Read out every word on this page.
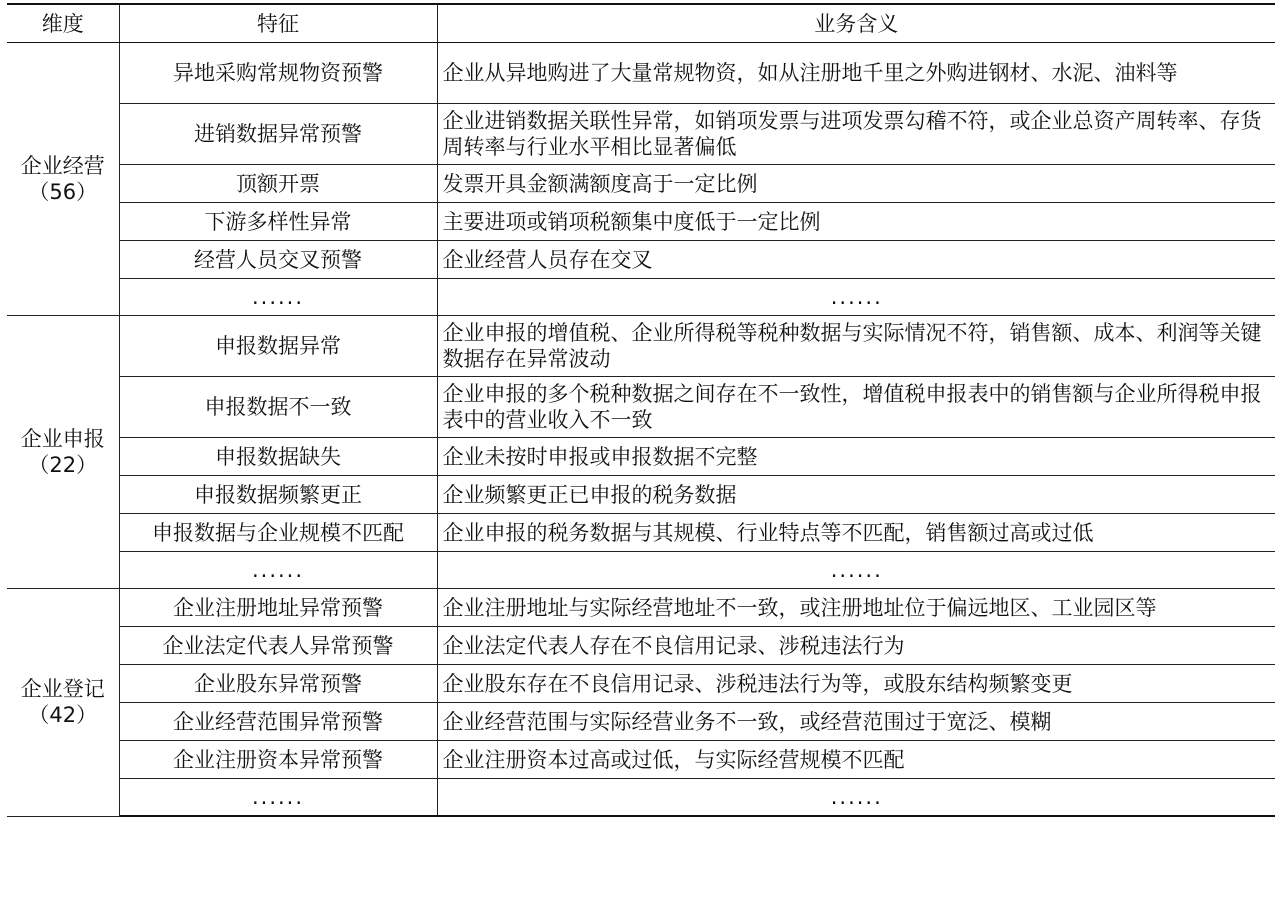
维度	特征	业务含义

企业经营
（56）	异地采购常规物资预警	企业从异地购进了大量常规物资，如从注册地千里之外购进钢材、水泥、油料等
	进销数据异常预警	企业进销数据关联性异常，如销项发票与进项发票勾稽不符，或企业总资产周转率、存货周转率与行业水平相比显著偏低
	顶额开票	发票开具金额满额度高于一定比例
	下游多样性异常	主要进项或销项税额集中度低于一定比例
	经营人员交叉预警	企业经营人员存在交叉
	......	......

企业申报
（22）	申报数据异常	企业申报的增值税、企业所得税等税种数据与实际情况不符，销售额、成本、利润等关键数据存在异常波动
	申报数据不一致	企业申报的多个税种数据之间存在不一致性，增值税申报表中的销售额与企业所得税申报表中的营业收入不一致
	申报数据缺失	企业未按时申报或申报数据不完整
	申报数据频繁更正	企业频繁更正已申报的税务数据
	申报数据与企业规模不匹配	企业申报的税务数据与其规模、行业特点等不匹配，销售额过高或过低
	......	......

企业登记
（42）	企业注册地址异常预警	企业注册地址与实际经营地址不一致，或注册地址位于偏远地区、工业园区等
	企业法定代表人异常预警	企业法定代表人存在不良信用记录、涉税违法行为
	企业股东异常预警	企业股东存在不良信用记录、涉税违法行为等，或股东结构频繁变更
	企业经营范围异常预警	企业经营范围与实际经营业务不一致，或经营范围过于宽泛、模糊
	企业注册资本异常预警	企业注册资本过高或过低，与实际经营规模不匹配
	......	......
